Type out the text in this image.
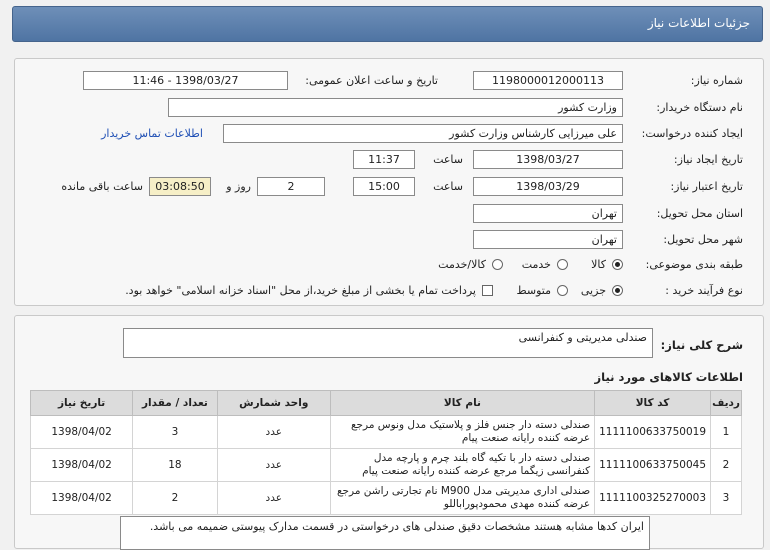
جزئیات اطلاعات نیاز
شماره نیاز:
1198000012000113
تاریخ و ساعت اعلان عمومی:
1398/03/27 - 11:46
نام دستگاه خریدار:
وزارت کشور
ایجاد کننده درخواست:
علی میرزایی کارشناس وزارت کشور
اطلاعات تماس خریدار
تاریخ ایجاد نیاز:
1398/03/27
ساعت
11:37
تاریخ اعتبار نیاز:
1398/03/29
ساعت
15:00
2
روز و
03:08:50
ساعت باقی مانده
استان محل تحویل:
تهران
شهر محل تحویل:
تهران
طبقه بندی موضوعی:
کالا
خدمت
کالا/خدمت
نوع فرآیند خرید :
جزیی
متوسط
پرداخت تمام یا بخشی از مبلغ خرید،از محل "اسناد خزانه اسلامی" خواهد بود.
شرح کلی نیاز:
صندلی مدیریتی و کنفرانسی
اطلاعات کالاهای مورد نیاز
ردیف	کد کالا	نام کالا	واحد شمارش	تعداد / مقدار	تاریخ نیاز
1	1111100633750019	صندلی دسته دار جنس فلز و پلاستیک مدل ونوس مرجع عرضه کننده رایانه صنعت پیام	عدد	3	1398/04/02
2	1111100633750045	صندلی دسته دار با تکیه گاه بلند چرم و پارچه مدل کنفرانسی زیگما مرجع عرضه کننده رایانه صنعت پیام	عدد	18	1398/04/02
3	1111100325270003	صندلی اداری مدیریتی مدل M900 نام تجارتی راشن مرجع عرضه کننده مهدی محمودپوراباللو	عدد	2	1398/04/02
ایران کدها مشابه هستند مشخصات دقیق صندلی های درخواستی در قسمت مدارک پیوستی ضمیمه می باشد.
